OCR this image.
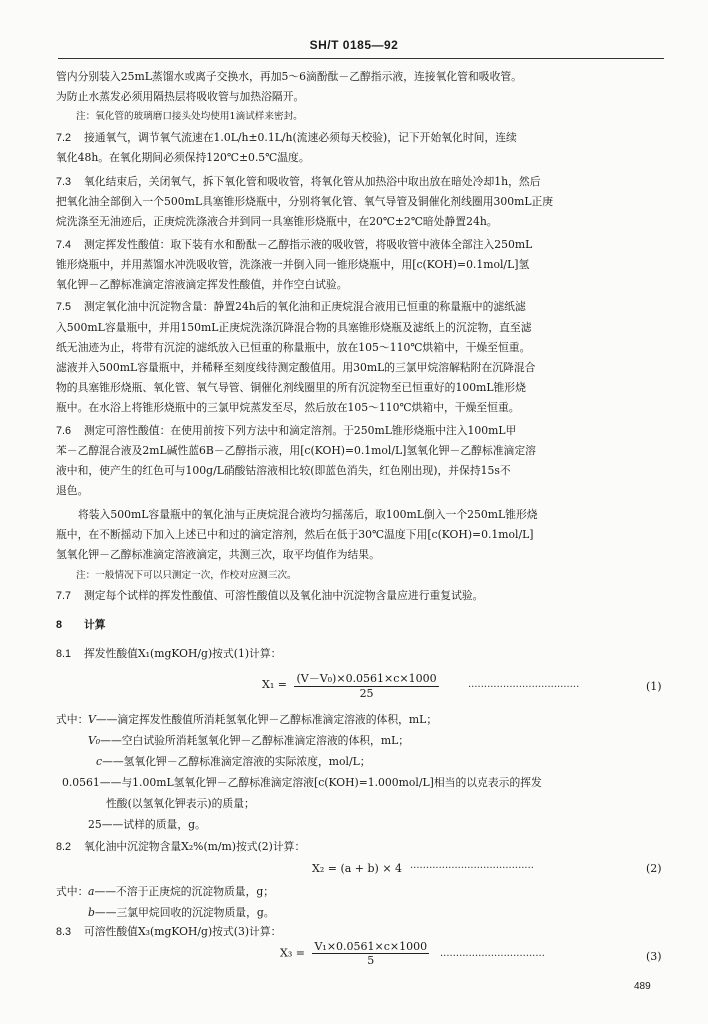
SH/T 0185—92
管内分别装入25mL蒸馏水或离子交换水，再加5～6滴酚酞－乙醇指示液，连接氧化管和吸收管。
为防止水蒸发必须用隔热层将吸收管与加热浴隔开。
注：氧化管的玻璃磨口接头处均使用1滴试样来密封。
7.2 接通氧气，调节氧气流速在1.0L/h±0.1L/h(流速必须每天校验)，记下开始氧化时间，连续
氧化48h。在氧化期间必须保持120℃±0.5℃温度。
7.3 氧化结束后，关闭氧气，拆下氧化管和吸收管，将氧化管从加热浴中取出放在暗处冷却1h，然后
把氧化油全部倒入一个500mL具塞锥形烧瓶中，分别将氧化管、氧气导管及铜催化剂线圈用300mL正庚
烷洗涤至无油迹后，正庚烷洗涤液合并到同一具塞锥形烧瓶中，在20℃±2℃暗处静置24h。
7.4 测定挥发性酸值：取下装有水和酚酞－乙醇指示液的吸收管，将吸收管中液体全部注入250mL
锥形烧瓶中，并用蒸馏水冲洗吸收管，洗涤液一并倒入同一锥形烧瓶中，用[c(KOH)=0.1mol/L]氢
氧化钾－乙醇标准滴定溶液滴定挥发性酸值，并作空白试验。
7.5 测定氧化油中沉淀物含量：静置24h后的氧化油和正庚烷混合液用已恒重的称量瓶中的滤纸滤
入500mL容量瓶中，并用150mL正庚烷洗涤沉降混合物的具塞锥形烧瓶及滤纸上的沉淀物，直至滤
纸无油迹为止，将带有沉淀的滤纸放入已恒重的称量瓶中，放在105～110℃烘箱中，干燥至恒重。
滤液并入500mL容量瓶中，并稀释至刻度线待测定酸值用。用30mL的三氯甲烷溶解粘附在沉降混合
物的具塞锥形烧瓶、氧化管、氧气导管、铜催化剂线圈里的所有沉淀物至已恒重好的100mL锥形烧
瓶中。在水浴上将锥形烧瓶中的三氯甲烷蒸发至尽，然后放在105～110℃烘箱中，干燥至恒重。
7.6 测定可溶性酸值：在使用前按下列方法中和滴定溶剂。于250mL锥形烧瓶中注入100mL甲
苯－乙醇混合液及2mL碱性蓝6B－乙醇指示液，用[c(KOH)=0.1mol/L]氢氧化钾－乙醇标准滴定溶
液中和，使产生的红色可与100g/L硝酸钴溶液相比较(即蓝色消失，红色刚出现)，并保持15s不
退色。
将装入500mL容量瓶中的氧化油与正庚烷混合液均匀摇荡后，取100mL倒入一个250mL锥形烧
瓶中，在不断摇动下加入上述已中和过的滴定溶剂，然后在低于30℃温度下用[c(KOH)=0.1mol/L]
氢氧化钾－乙醇标准滴定溶液滴定，共测三次，取平均值作为结果。
注：一般情况下可以只测定一次，作校对应测三次。
7.7 测定每个试样的挥发性酸值、可溶性酸值以及氧化油中沉淀物含量应进行重复试验。
8 计算
8.1 挥发性酸值X₁(mgKOH/g)按式(1)计算：
$X_1 = \frac{\text{(V－V₀)×0.0561×c×1000}}{25}$	···································	(1)
式中： V——滴定挥发性酸值所消耗氢氧化钾－乙醇标准滴定溶液的体积，mL；
V₀——空白试验所消耗氢氧化钾－乙醇标准滴定溶液的体积，mL；
c——氢氧化钾－乙醇标准滴定溶液的实际浓度，mol/L；
0.0561——与1.00mL氢氧化钾－乙醇标准滴定溶液[c(KOH)=1.000mol/L]相当的以克表示的挥发
性酸(以氢氧化钾表示)的质量；
25——试样的质量，g。
8.2 氧化油中沉淀物含量X₂%(m/m)按式(2)计算：
X₂ = (a + b) × 4 ·······································	(2)
式中： a——不溶于正庚烷的沉淀物质量，g；
b——三氯甲烷回收的沉淀物质量，g。
8.3 可溶性酸值X₃(mgKOH/g)按式(3)计算：
$X_3 = \frac{\text{V₁×0.0561×c×1000}}{5}$ ·································	(3)
489
